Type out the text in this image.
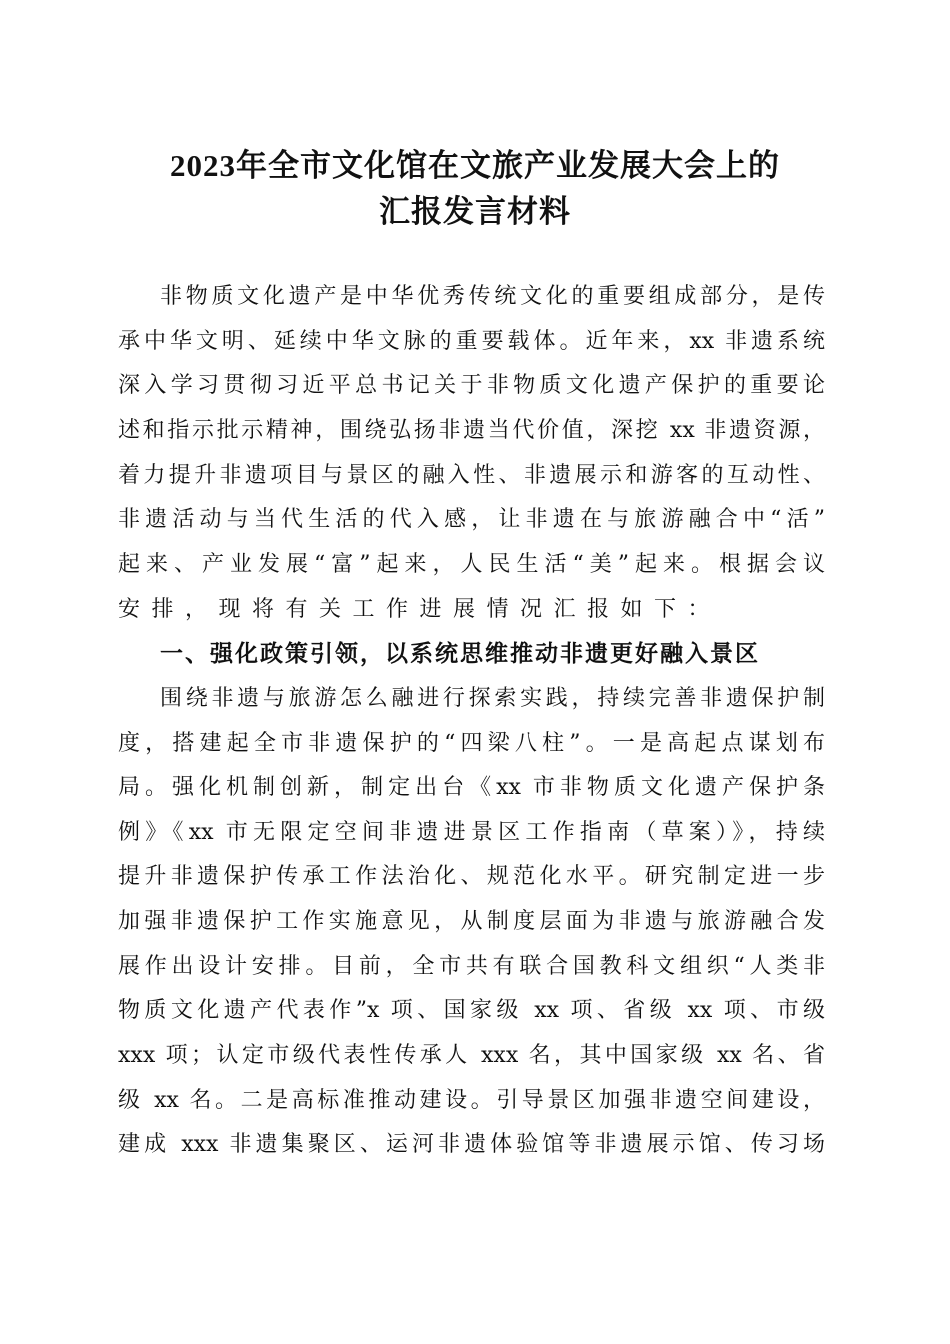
2023年全市文化馆在文旅产业发展大会上的
汇报发言材料
非物质文化遗产是中华优秀传统文化的重要组成部分，是传
承中华文明、延续中华文脉的重要载体。近年来，xx 非遗系统
深入学习贯彻习近平总书记关于非物质文化遗产保护的重要论
述和指示批示精神，围绕弘扬非遗当代价值，深挖 xx 非遗资源，
着力提升非遗项目与景区的融入性、非遗展示和游客的互动性、
非遗活动与当代生活的代入感，让非遗在与旅游融合中“活”
起来、产业发展“富”起来，人民生活“美”起来。根据会议
安排，现将有关工作进展情况汇报如下：
一、强化政策引领，以系统思维推动非遗更好融入景区
围绕非遗与旅游怎么融进行探索实践，持续完善非遗保护制
度，搭建起全市非遗保护的“四梁八柱”。一是高起点谋划布
局。强化机制创新，制定出台《xx 市非物质文化遗产保护条
例》《xx 市无限定空间非遗进景区工作指南（草案）》，持续
提升非遗保护传承工作法治化、规范化水平。研究制定进一步
加强非遗保护工作实施意见，从制度层面为非遗与旅游融合发
展作出设计安排。目前，全市共有联合国教科文组织“人类非
物质文化遗产代表作”x 项、国家级 xx 项、省级 xx 项、市级
xxx 项；认定市级代表性传承人 xxx 名，其中国家级 xx 名、省
级 xx 名。二是高标准推动建设。引导景区加强非遗空间建设，
建成 xxx 非遗集聚区、运河非遗体验馆等非遗展示馆、传习场
